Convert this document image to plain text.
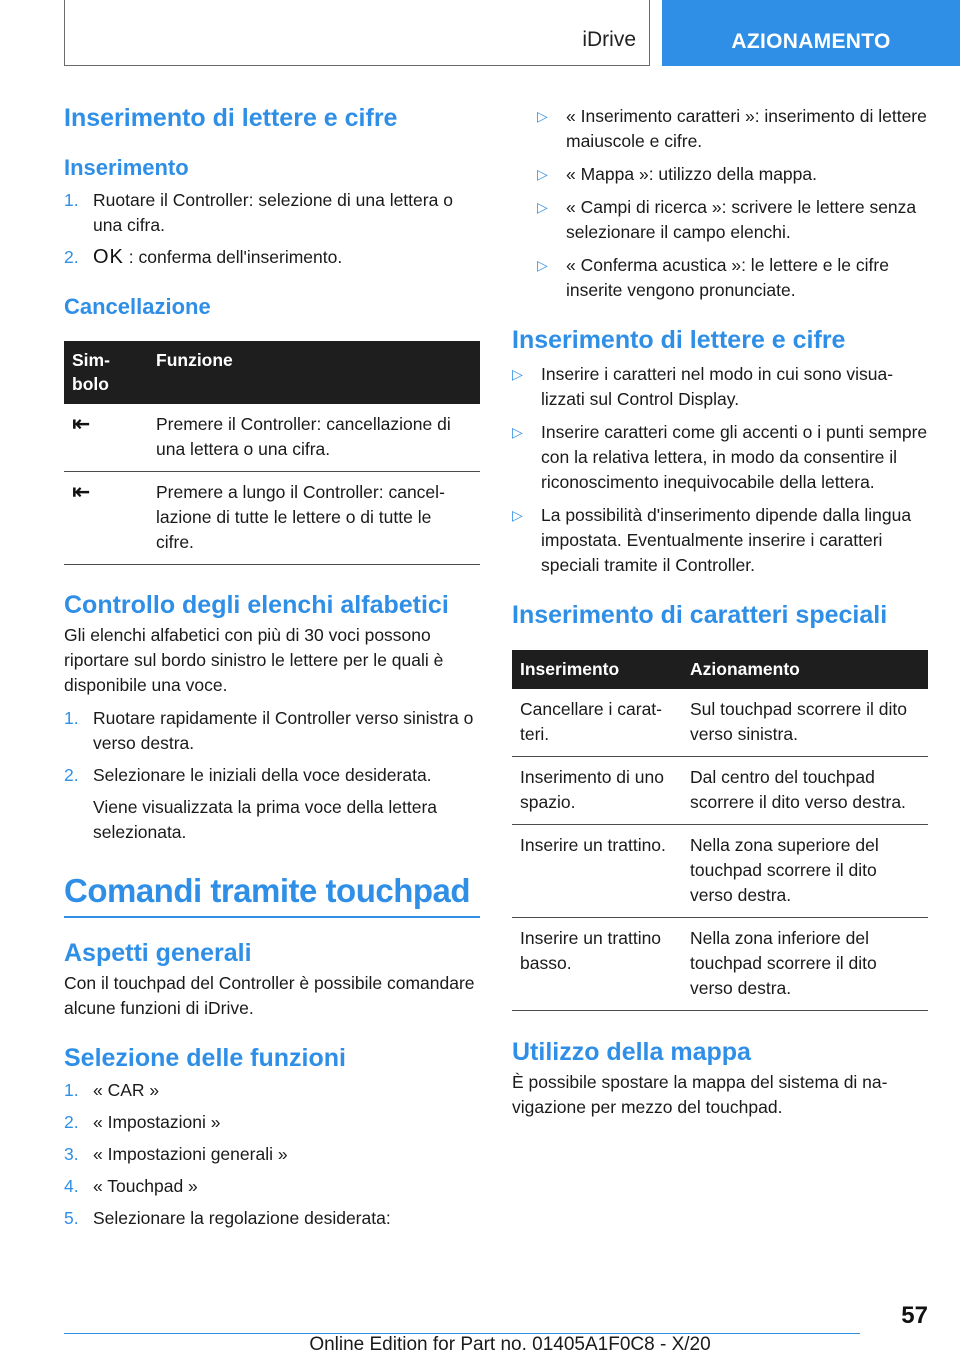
iDrive	AZIONAMENTO
Inserimento di lettere e cifre
Inserimento
1. Ruotare il Controller: selezione di una lettera o una cifra.
2. OK : conferma dell'inserimento.
Cancellazione
Simbolo	Funzione
⇤	Premere il Controller: cancellazione di una lettera o una cifra.
⇤	Premere a lungo il Controller: cancellazione di tutte le lettere o di tutte le cifre.
Controllo degli elenchi alfabetici

Gli elenchi alfabetici con più di 30 voci possono riportare sul bordo sinistro le lettere per le quali è disponibile una voce.

1. Ruotare rapidamente il Controller verso sinistra o verso destra.
2. Selezionare le iniziali della voce desiderata.

Viene visualizzata la prima voce della lettera selezionata.

Comandi tramite touchpad
Aspetti generali

Con il touchpad del Controller è possibile comandare alcune funzioni di iDrive.

Selezione delle funzioni
1. « CAR »
2. « Impostazioni »
3. « Impostazioni generali »
4. « Touchpad »
5. Selezionare la regolazione desiderata:
▷ « Inserimento caratteri »: inserimento di lettere maiuscole e cifre.
▷ « Mappa »: utilizzo della mappa.
▷ « Campi di ricerca »: scrivere le lettere senza selezionare il campo elenchi.
▷ « Conferma acustica »: le lettere e le cifre inserite vengono pronunciate.
Inserimento di lettere e cifre
▷ Inserire i caratteri nel modo in cui sono visualizzati sul Control Display.
▷ Inserire caratteri come gli accenti o i punti sempre con la relativa lettera, in modo da consentire il riconoscimento inequivocabile della lettera.
▷ La possibilità d'inserimento dipende dalla lingua impostata. Eventualmente inserire i caratteri speciali tramite il Controller.
Inserimento di caratteri speciali
Inserimento	Azionamento
Cancellare i caratteri.	Sul touchpad scorrere il dito verso sinistra.
Inserimento di uno spazio.	Dal centro del touchpad scorrere il dito verso destra.
Inserire un trattino.	Nella zona superiore del touchpad scorrere il dito verso destra.
Inserire un trattino basso.	Nella zona inferiore del touchpad scorrere il dito verso destra.
Utilizzo della mappa

È possibile spostare la mappa del sistema di navigazione per mezzo del touchpad.

57
Online Edition for Part no. 01405A1F0C8 - X/20
